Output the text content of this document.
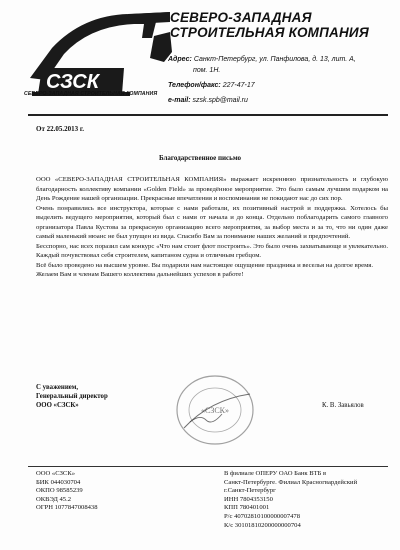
СЗСК
СЕВЕРО-ЗАПАДНАЯ СТРОИТЕЛЬНАЯ КОМПАНИЯ
СЕВЕРО-ЗАПАДНАЯ
СТРОИТЕЛЬНАЯ КОМПАНИЯ
Адрес: Санкт-Петербург, ул. Панфилова, д. 13, лит. А,
пом. 1Н.
Телефон/факс: 227-47-17
e-mail: szsk.spb@mail.ru
От 22.05.2013 г.
Благодарственное письмо

ООО «СЕВЕРО-ЗАПАДНАЯ СТРОИТЕЛЬНАЯ КОМПАНИЯ» выражает искреннюю признательность и глубокую благодарность коллективу компании «Golden Field» за проведённое мероприятие. Это было самым лучшим подарком на День Рождение нашей организации. Прекрасные впечатления и воспоминания не покидают нас до сих пор.

Очень понравились все инструктора, которые с нами работали, их позитивный настрой и поддержка. Хотелось бы выделить ведущего мероприятия, который был с нами от начала и до конца. Отдельно поблагодарить самого главного организатора Павла Кустова за прекрасную организацию всего мероприятия, за выбор места и за то, что ни один даже самый маленький нюанс не был упущен из вида. Спасибо Вам за понимание наших желаний и предпочтений.

Бесспорно, нас всех поразил сам конкурс «Что нам стоит флот построить». Это было очень захватывающе и увлекательно. Каждый почувствовал себя строителем, капитаном судна и отличным гребцом.

Всё было проведено на высшем уровне. Вы подарили нам настоящее ощущение праздника и веселья на долгое время.

Желаем Вам и членам Вашего коллектива дальнейших успехов в работе!

«СЗСК»
С уважением,
Генеральный директор
ООО «СЗСК»	К. В. Завьялов
ООО «СЗСК»
БИК 044030704
ОКПО 98585239
ОКВЭД 45.2
ОГРН 1077847008438
В филиале ОПЕРУ ОАО Банк ВТБ в
Санкт-Петербурге. Филиал Красногвардейский
г.Санкт-Петербург
ИНН 7804353150
КПП 780401001
Р/с 40702810100000007478
К/с 30101810200000000704
